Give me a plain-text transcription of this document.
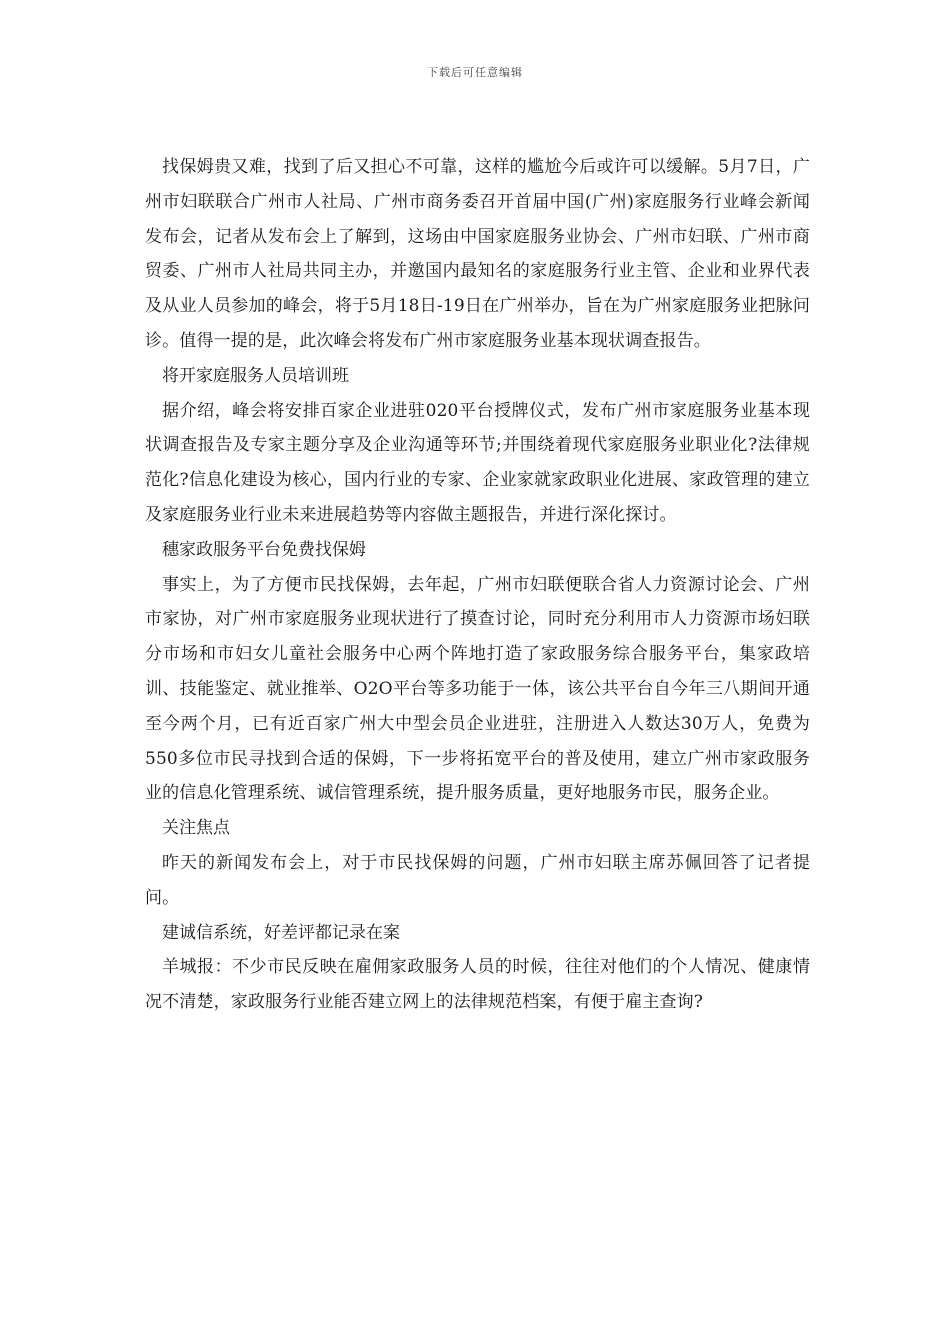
下载后可任意编辑

找保姆贵又难，找到了后又担心不可靠，这样的尴尬今后或许可以缓解。5月7日，广州市妇联联合广州市人社局、广州市商务委召开首届中国(广州)家庭服务行业峰会新闻发布会，记者从发布会上了解到，这场由中国家庭服务业协会、广州市妇联、广州市商贸委、广州市人社局共同主办，并邀国内最知名的家庭服务行业主管、企业和业界代表及从业人员参加的峰会，将于5月18日-19日在广州举办，旨在为广州家庭服务业把脉问诊。值得一提的是，此次峰会将发布广州市家庭服务业基本现状调查报告。

将开家庭服务人员培训班

据介绍，峰会将安排百家企业进驻020平台授牌仪式，发布广州市家庭服务业基本现状调查报告及专家主题分享及企业沟通等环节;并围绕着现代家庭服务业职业化?法律规范化?信息化建设为核心，国内行业的专家、企业家就家政职业化进展、家政管理的建立及家庭服务业行业未来进展趋势等内容做主题报告，并进行深化探讨。

穗家政服务平台免费找保姆

事实上，为了方便市民找保姆，去年起，广州市妇联便联合省人力资源讨论会、广州市家协，对广州市家庭服务业现状进行了摸查讨论，同时充分利用市人力资源市场妇联分市场和市妇女儿童社会服务中心两个阵地打造了家政服务综合服务平台，集家政培训、技能鉴定、就业推举、O2O平台等多功能于一体，该公共平台自今年三八期间开通至今两个月，已有近百家广州大中型会员企业进驻，注册进入人数达30万人，免费为550多位市民寻找到合适的保姆，下一步将拓宽平台的普及使用，建立广州市家政服务业的信息化管理系统、诚信管理系统，提升服务质量，更好地服务市民，服务企业。

关注焦点

昨天的新闻发布会上，对于市民找保姆的问题，广州市妇联主席苏佩回答了记者提问。

建诚信系统，好差评都记录在案

羊城报：不少市民反映在雇佣家政服务人员的时候，往往对他们的个人情况、健康情况不清楚，家政服务行业能否建立网上的法律规范档案，有便于雇主查询?
